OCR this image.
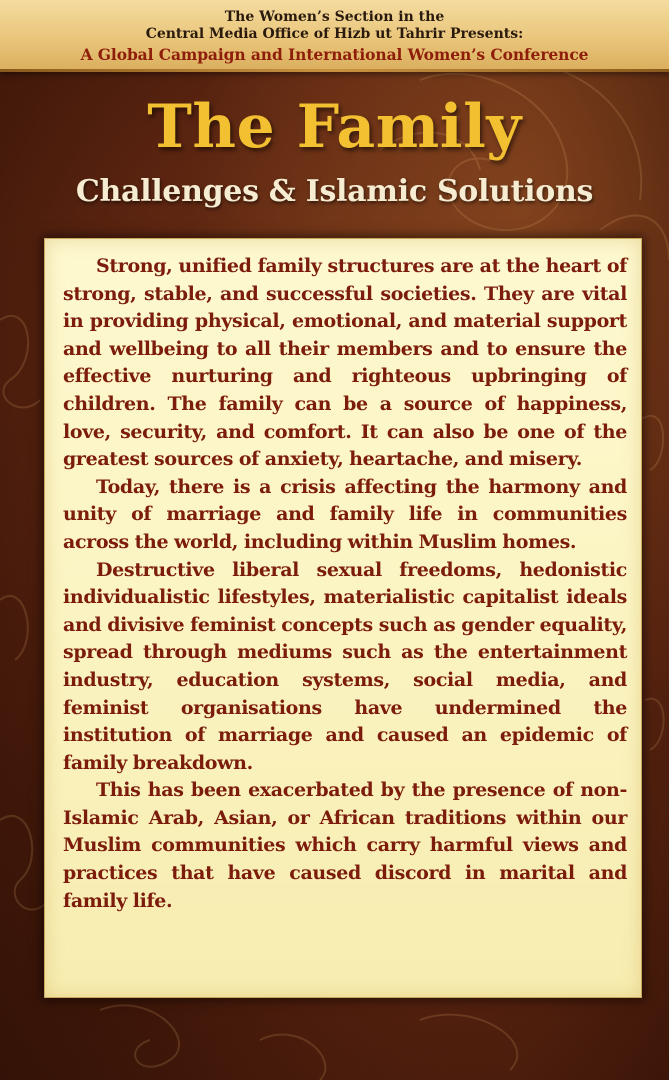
The Women’s Section in the
Central Media Office of Hizb ut Tahrir Presents:
A Global Campaign and International Women’s Conference
The Family
Challenges & Islamic Solutions

Strong, unified family structures are at the heart of strong, stable, and successful societies. They are vital in providing physical, emotional, and material support and wellbeing to all their members and to ensure the effective nurturing and righteous upbringing of children. The family can be a source of happiness, love, security, and comfort. It can also be one of the greatest sources of anxiety, heartache, and misery.

Today, there is a crisis affecting the harmony and unity of marriage and family life in communities across the world, including within Muslim homes.

Destructive liberal sexual freedoms, hedonistic individualistic lifestyles, materialistic capitalist ideals and divisive feminist concepts such as gender equality, spread through mediums such as the entertainment industry, education systems, social media, and feminist organisations have undermined the institution of marriage and caused an epidemic of family breakdown.

This has been exacerbated by the presence of non-Islamic Arab, Asian, or African traditions within our Muslim communities which carry harmful views and practices that have caused discord in marital and family life.
